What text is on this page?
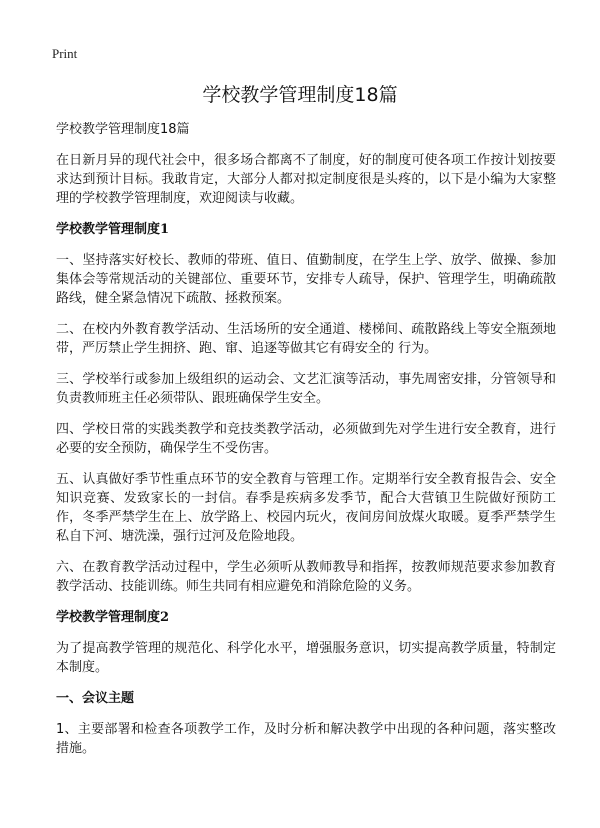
Print
学校教学管理制度18篇

学校教学管理制度18篇

在日新月异的现代社会中，很多场合都离不了制度，好的制度可使各项工作按计划按要求达到预计目标。我敢肯定，大部分人都对拟定制度很是头疼的，以下是小编为大家整理的学校教学管理制度，欢迎阅读与收藏。

学校教学管理制度1

一、坚持落实好校长、教师的带班、值日、值勤制度，在学生上学、放学、做操、参加集体会等常规活动的关键部位、重要环节，安排专人疏导，保护、管理学生，明确疏散路线，健全紧急情况下疏散、拯救预案。

二、在校内外教育教学活动、生活场所的安全通道、楼梯间、疏散路线上等安全瓶颈地带，严厉禁止学生拥挤、跑、窜、追逐等做其它有碍安全的 行为。

三、学校举行或参加上级组织的运动会、文艺汇演等活动，事先周密安排，分管领导和负责教师班主任必须带队、跟班确保学生安全。

四、学校日常的实践类教学和竞技类教学活动，必须做到先对学生进行安全教育，进行必要的安全预防，确保学生不受伤害。

五、认真做好季节性重点环节的安全教育与管理工作。定期举行安全教育报告会、安全知识竞赛、发致家长的一封信。春季是疾病多发季节，配合大营镇卫生院做好预防工作，冬季严禁学生在上、放学路上、校园内玩火，夜间房间放煤火取暖。夏季严禁学生私自下河、塘洗澡，强行过河及危险地段。

六、在教育教学活动过程中，学生必须听从教师教导和指挥，按教师规范要求参加教育教学活动、技能训练。师生共同有相应避免和消除危险的义务。

学校教学管理制度2

为了提高教学管理的规范化、科学化水平，增强服务意识，切实提高教学质量，特制定本制度。

一、会议主题

1、主要部署和检查各项教学工作，及时分析和解决教学中出现的各种问题，落实整改措施。
